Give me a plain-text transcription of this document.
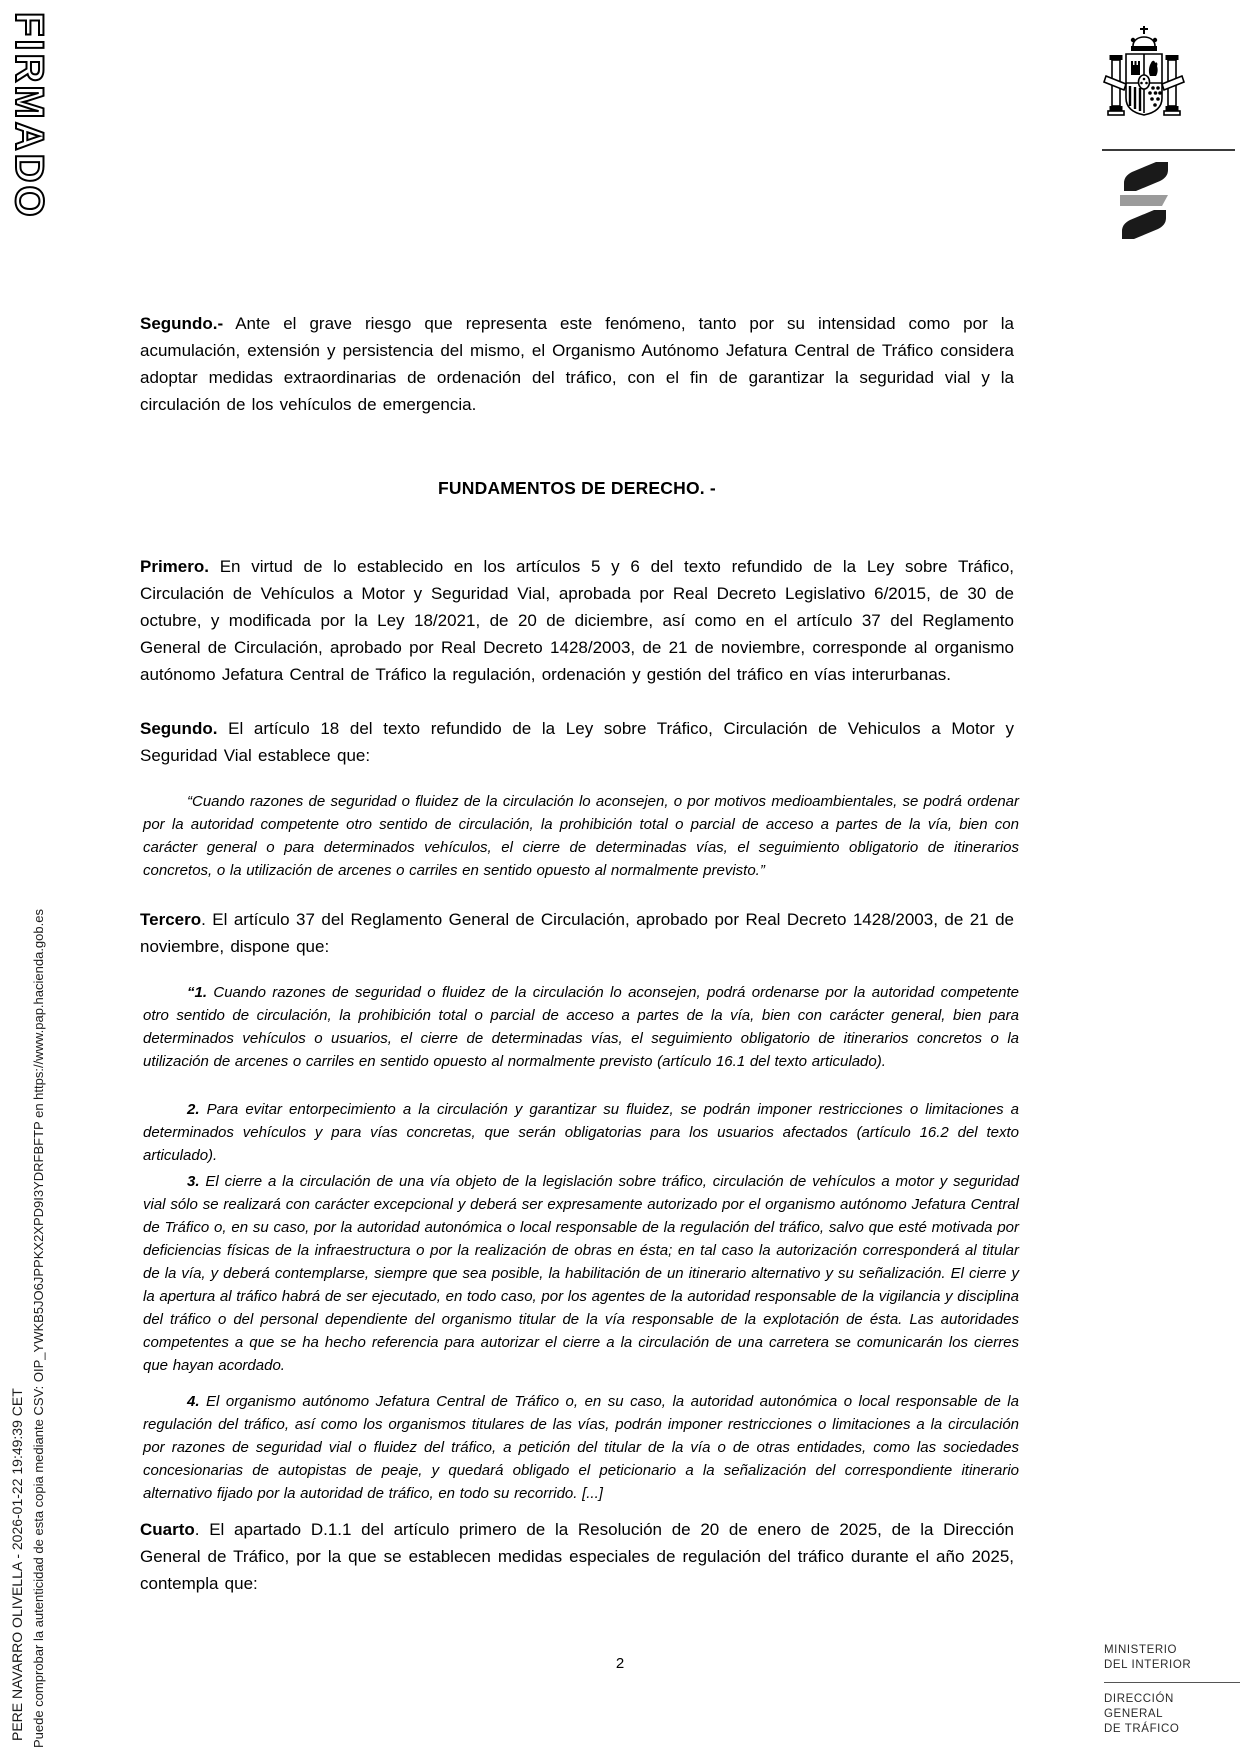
FIRMADO
PERE NAVARRO OLIVELLA - 2026-01-22 19:49:39 CET Puede comprobar la autenticidad de esta copia mediante CSV: OIP_YWKB5JO6JPPKX2XPD9I3YDRFBFTP en https://www.pap.hacienda.gob.es

Segundo.- Ante el grave riesgo que representa este fenómeno, tanto por su intensidad como por la acumulación, extensión y persistencia del mismo, el Organismo Autónomo Jefatura Central de Tráfico considera adoptar medidas extraordinarias de ordenación del tráfico, con el fin de garantizar la seguridad vial y la circulación de los vehículos de emergencia.

FUNDAMENTOS DE DERECHO. -

Primero. En virtud de lo establecido en los artículos 5 y 6 del texto refundido de la Ley sobre Tráfico, Circulación de Vehículos a Motor y Seguridad Vial, aprobada por Real Decreto Legislativo 6/2015, de 30 de octubre, y modificada por la Ley 18/2021, de 20 de diciembre, así como en el artículo 37 del Reglamento General de Circulación, aprobado por Real Decreto 1428/2003, de 21 de noviembre, corresponde al organismo autónomo Jefatura Central de Tráfico la regulación, ordenación y gestión del tráfico en vías interurbanas.

Segundo. El artículo 18 del texto refundido de la Ley sobre Tráfico, Circulación de Vehiculos a Motor y Seguridad Vial establece que:

“Cuando razones de seguridad o fluidez de la circulación lo aconsejen, o por motivos medioambientales, se podrá ordenar por la autoridad competente otro sentido de circulación, la prohibición total o parcial de acceso a partes de la vía, bien con carácter general o para determinados vehículos, el cierre de determinadas vías, el seguimiento obligatorio de itinerarios concretos, o la utilización de arcenes o carriles en sentido opuesto al normalmente previsto.”

Tercero. El artículo 37 del Reglamento General de Circulación, aprobado por Real Decreto 1428/2003, de 21 de noviembre, dispone que:

“1. Cuando razones de seguridad o fluidez de la circulación lo aconsejen, podrá ordenarse por la autoridad competente otro sentido de circulación, la prohibición total o parcial de acceso a partes de la vía, bien con carácter general, bien para determinados vehículos o usuarios, el cierre de determinadas vías, el seguimiento obligatorio de itinerarios concretos o la utilización de arcenes o carriles en sentido opuesto al normalmente previsto (artículo 16.1 del texto articulado).

2. Para evitar entorpecimiento a la circulación y garantizar su fluidez, se podrán imponer restricciones o limitaciones a determinados vehículos y para vías concretas, que serán obligatorias para los usuarios afectados (artículo 16.2 del texto articulado).

3. El cierre a la circulación de una vía objeto de la legislación sobre tráfico, circulación de vehículos a motor y seguridad vial sólo se realizará con carácter excepcional y deberá ser expresamente autorizado por el organismo autónomo Jefatura Central de Tráfico o, en su caso, por la autoridad autonómica o local responsable de la regulación del tráfico, salvo que esté motivada por deficiencias físicas de la infraestructura o por la realización de obras en ésta; en tal caso la autorización corresponderá al titular de la vía, y deberá contemplarse, siempre que sea posible, la habilitación de un itinerario alternativo y su señalización. El cierre y la apertura al tráfico habrá de ser ejecutado, en todo caso, por los agentes de la autoridad responsable de la vigilancia y disciplina del tráfico o del personal dependiente del organismo titular de la vía responsable de la explotación de ésta. Las autoridades competentes a que se ha hecho referencia para autorizar el cierre a la circulación de una carretera se comunicarán los cierres que hayan acordado.

4. El organismo autónomo Jefatura Central de Tráfico o, en su caso, la autoridad autonómica o local responsable de la regulación del tráfico, así como los organismos titulares de las vías, podrán imponer restricciones o limitaciones a la circulación por razones de seguridad vial o fluidez del tráfico, a petición del titular de la vía o de otras entidades, como las sociedades concesionarias de autopistas de peaje, y quedará obligado el peticionario a la señalización del correspondiente itinerario alternativo fijado por la autoridad de tráfico, en todo su recorrido. [...]

Cuarto. El apartado D.1.1 del artículo primero de la Resolución de 20 de enero de 2025, de la Dirección General de Tráfico, por la que se establecen medidas especiales de regulación del tráfico durante el año 2025, contempla que:

2
MINISTERIO
DEL INTERIOR
DIRECCIÓN
GENERAL
DE TRÁFICO
